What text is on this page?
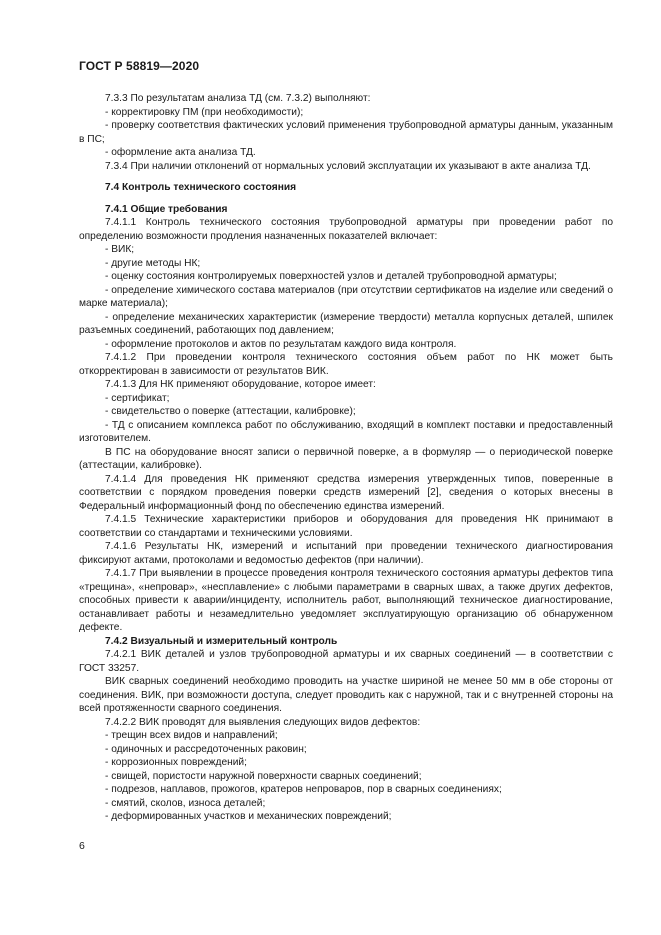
ГОСТ Р 58819—2020

7.3.3 По результатам анализа ТД (см. 7.3.2) выполняют:

- корректировку ПМ (при необходимости);

- проверку соответствия фактических условий применения трубопроводной арматуры данным, указанным в ПС;

- оформление акта анализа ТД.

7.3.4 При наличии отклонений от нормальных условий эксплуатации их указывают в акте анализа ТД.

7.4 Контроль технического состояния

7.4.1 Общие требования

7.4.1.1 Контроль технического состояния трубопроводной арматуры при проведении работ по определению возможности продления назначенных показателей включает:

- ВИК;

- другие методы НК;

- оценку состояния контролируемых поверхностей узлов и деталей трубопроводной арматуры;

- определение химического состава материалов (при отсутствии сертификатов на изделие или сведений о марке материала);

- определение механических характеристик (измерение твердости) металла корпусных деталей, шпилек разъемных соединений, работающих под давлением;

- оформление протоколов и актов по результатам каждого вида контроля.

7.4.1.2 При проведении контроля технического состояния объем работ по НК может быть откорректирован в зависимости от результатов ВИК.

7.4.1.3 Для НК применяют оборудование, которое имеет:

- сертификат;

- свидетельство о поверке (аттестации, калибровке);

- ТД с описанием комплекса работ по обслуживанию, входящий в комплект поставки и предоставленный изготовителем.

В ПС на оборудование вносят записи о первичной поверке, а в формуляр — о периодической поверке (аттестации, калибровке).

7.4.1.4 Для проведения НК применяют средства измерения утвержденных типов, поверенные в соответствии с порядком проведения поверки средств измерений [2], сведения о которых внесены в Федеральный информационный фонд по обеспечению единства измерений.

7.4.1.5 Технические характеристики приборов и оборудования для проведения НК принимают в соответствии со стандартами и техническими условиями.

7.4.1.6 Результаты НК, измерений и испытаний при проведении технического диагностирования фиксируют актами, протоколами и ведомостью дефектов (при наличии).

7.4.1.7 При выявлении в процессе проведения контроля технического состояния арматуры дефектов типа «трещина», «непровар», «несплавление» с любыми параметрами в сварных швах, а также других дефектов, способных привести к аварии/инциденту, исполнитель работ, выполняющий техническое диагностирование, останавливает работы и незамедлительно уведомляет эксплуатирующую организацию об обнаруженном дефекте.

7.4.2 Визуальный и измерительный контроль

7.4.2.1 ВИК деталей и узлов трубопроводной арматуры и их сварных соединений — в соответствии с ГОСТ 33257.

ВИК сварных соединений необходимо проводить на участке шириной не менее 50 мм в обе стороны от соединения. ВИК, при возможности доступа, следует проводить как с наружной, так и с внутренней стороны на всей протяженности сварного соединения.

7.4.2.2 ВИК проводят для выявления следующих видов дефектов:

- трещин всех видов и направлений;

- одиночных и рассредоточенных раковин;

- коррозионных повреждений;

- свищей, пористости наружной поверхности сварных соединений;

- подрезов, наплавов, прожогов, кратеров непроваров, пор в сварных соединениях;

- смятий, сколов, износа деталей;

- деформированных участков и механических повреждений;

6
